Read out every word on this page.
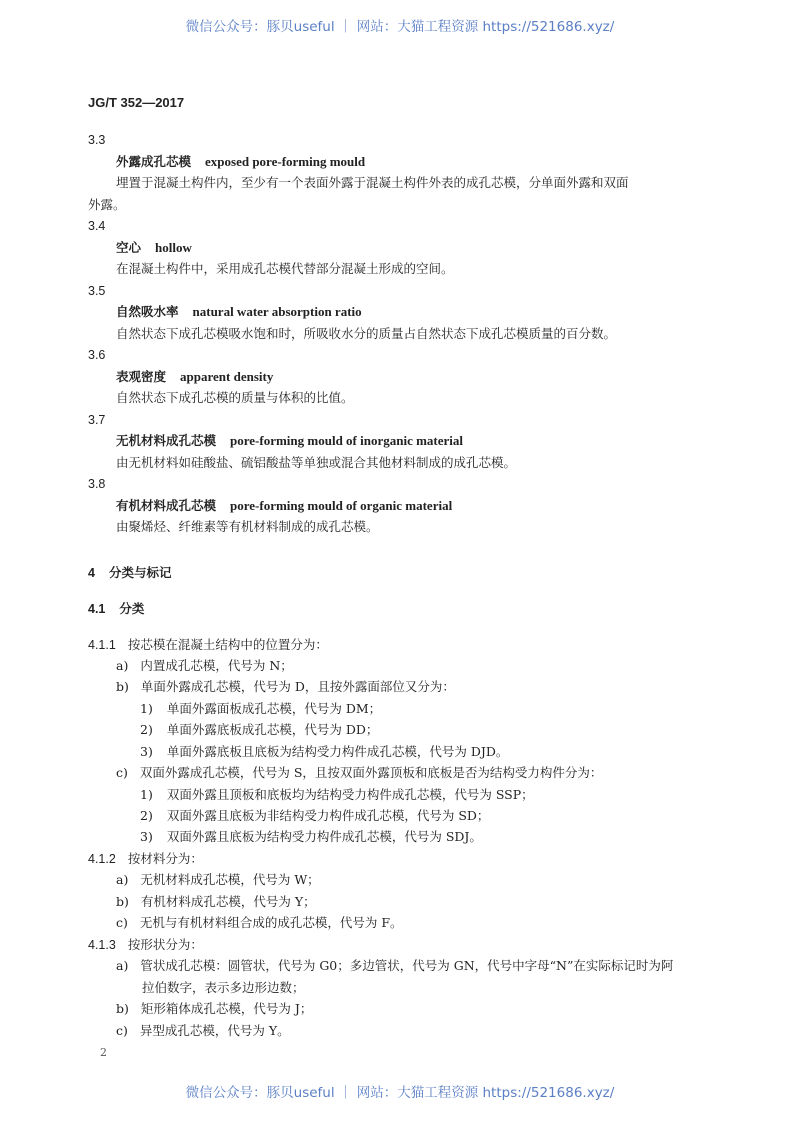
微信公众号：豚贝useful ｜ 网站：大猫工程资源 https://521686.xyz/
JG/T 352—2017
3.3
外露成孔芯模 exposed pore-forming mould
埋置于混凝土构件内，至少有一个表面外露于混凝土构件外表的成孔芯模，分单面外露和双面
外露。
3.4
空心 hollow
在混凝土构件中，采用成孔芯模代替部分混凝土形成的空间。
3.5
自然吸水率 natural water absorption ratio
自然状态下成孔芯模吸水饱和时，所吸收水分的质量占自然状态下成孔芯模质量的百分数。
3.6
表观密度 apparent density
自然状态下成孔芯模的质量与体积的比值。
3.7
无机材料成孔芯模 pore-forming mould of inorganic material
由无机材料如硅酸盐、硫铝酸盐等单独或混合其他材料制成的成孔芯模。
3.8
有机材料成孔芯模 pore-forming mould of organic material
由聚烯烃、纤维素等有机材料制成的成孔芯模。
4 分类与标记
4.1 分类
4.1.1 按芯模在混凝土结构中的位置分为：
a) 内置成孔芯模，代号为 N；
b) 单面外露成孔芯模，代号为 D，且按外露面部位又分为：
1) 单面外露面板成孔芯模，代号为 DM；
2) 单面外露底板成孔芯模，代号为 DD；
3) 单面外露底板且底板为结构受力构件成孔芯模，代号为 DJD。
c) 双面外露成孔芯模，代号为 S，且按双面外露顶板和底板是否为结构受力构件分为：
1) 双面外露且顶板和底板均为结构受力构件成孔芯模，代号为 SSP；
2) 双面外露且底板为非结构受力构件成孔芯模，代号为 SD；
3) 双面外露且底板为结构受力构件成孔芯模，代号为 SDJ。
4.1.2 按材料分为：
a) 无机材料成孔芯模，代号为 W；
b) 有机材料成孔芯模，代号为 Y；
c) 无机与有机材料组合成的成孔芯模，代号为 F。
4.1.3 按形状分为：
a) 管状成孔芯模：圆管状，代号为 G0；多边管状，代号为 GN，代号中字母“N”在实际标记时为阿
拉伯数字，表示多边形边数；
b) 矩形箱体成孔芯模，代号为 J；
c) 异型成孔芯模，代号为 Y。
2
微信公众号：豚贝useful ｜ 网站：大猫工程资源 https://521686.xyz/
